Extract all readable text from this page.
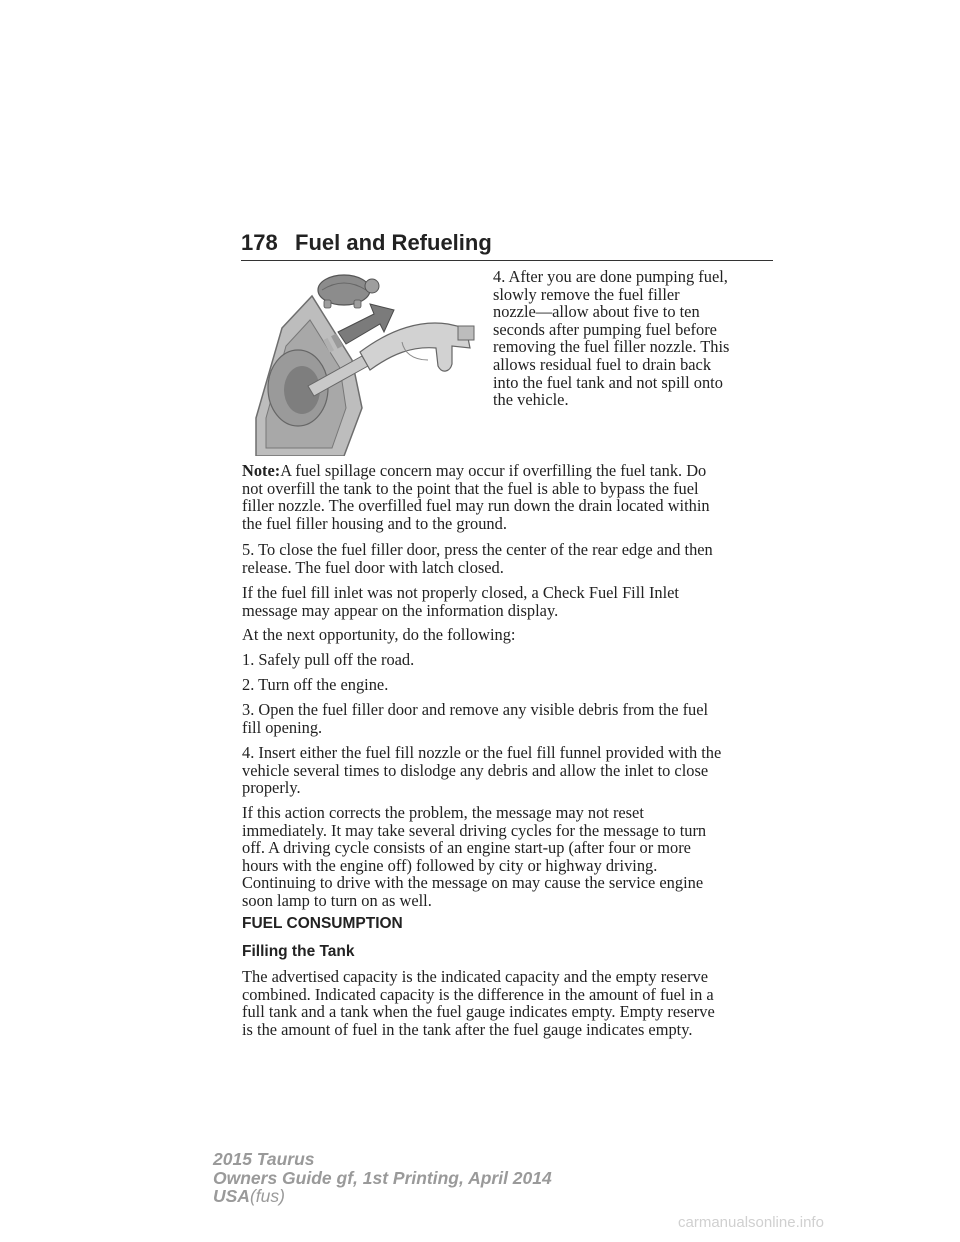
178 Fuel and Refueling

4. After you are done pumping fuel,
slowly remove the fuel filler
nozzle—allow about five to ten
seconds after pumping fuel before
removing the fuel filler nozzle. This
allows residual fuel to drain back
into the fuel tank and not spill onto
the vehicle.

Note:A fuel spillage concern may occur if overfilling the fuel tank. Do
not overfill the tank to the point that the fuel is able to bypass the fuel
filler nozzle. The overfilled fuel may run down the drain located within
the fuel filler housing and to the ground.

5. To close the fuel filler door, press the center of the rear edge and then
release. The fuel door with latch closed.

If the fuel fill inlet was not properly closed, a Check Fuel Fill Inlet
message may appear on the information display.

At the next opportunity, do the following:

1. Safely pull off the road.

2. Turn off the engine.

3. Open the fuel filler door and remove any visible debris from the fuel
fill opening.

4. Insert either the fuel fill nozzle or the fuel fill funnel provided with the
vehicle several times to dislodge any debris and allow the inlet to close
properly.

If this action corrects the problem, the message may not reset
immediately. It may take several driving cycles for the message to turn
off. A driving cycle consists of an engine start-up (after four or more
hours with the engine off) followed by city or highway driving.
Continuing to drive with the message on may cause the service engine
soon lamp to turn on as well.

FUEL CONSUMPTION

Filling the Tank

The advertised capacity is the indicated capacity and the empty reserve
combined. Indicated capacity is the difference in the amount of fuel in a
full tank and a tank when the fuel gauge indicates empty. Empty reserve
is the amount of fuel in the tank after the fuel gauge indicates empty.

2015 Taurus
Owners Guide gf, 1st Printing, April 2014
USA(fus)
carmanualsonline.info
